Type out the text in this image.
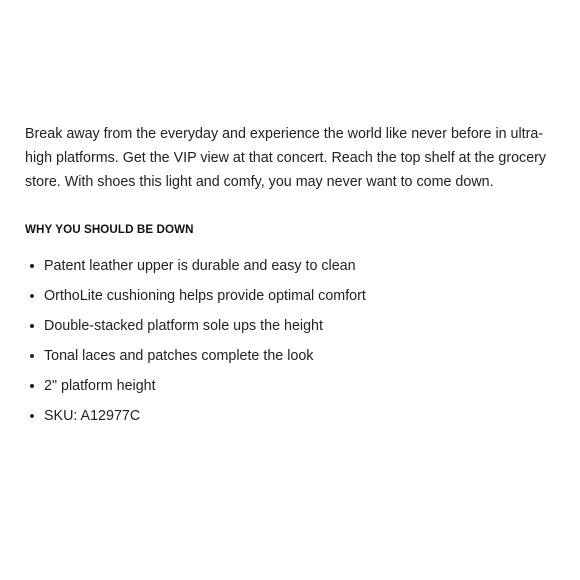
Break away from the everyday and experience the world like never before in ultra-high platforms. Get the VIP view at that concert. Reach the top shelf at the grocery store. With shoes this light and comfy, you may never want to come down.

WHY YOU SHOULD BE DOWN
Patent leather upper is durable and easy to clean
OrthoLite cushioning helps provide optimal comfort
Double-stacked platform sole ups the height
Tonal laces and patches complete the look
2" platform height
SKU: A12977C
